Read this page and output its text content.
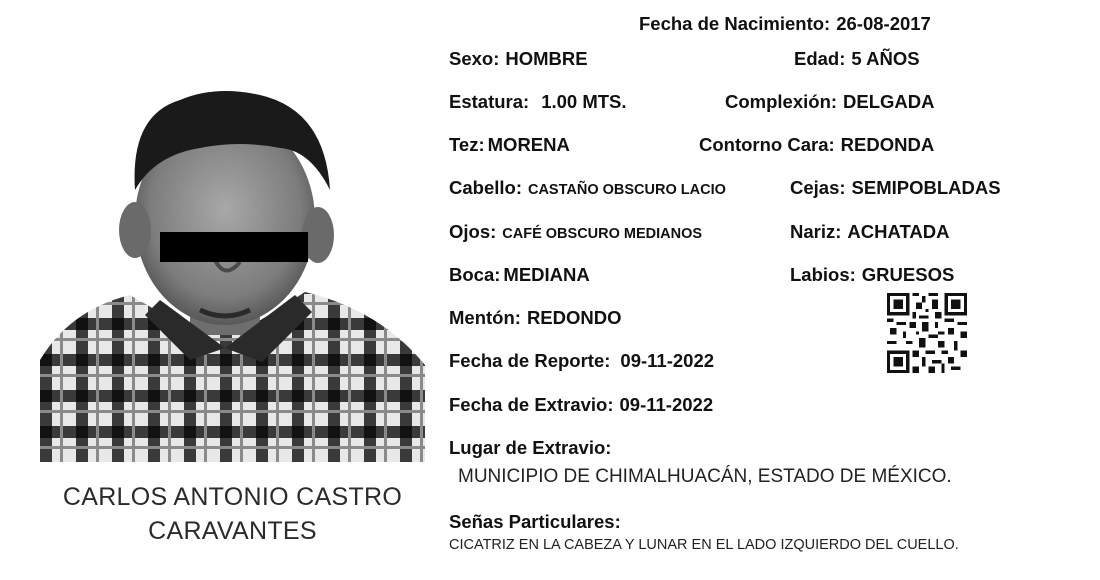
CARLOS ANTONIO CASTRO
CARAVANTES
Fecha de Nacimiento: 26-08-2017
Sexo: HOMBRE	Edad: 5 AÑOS
Estatura: 1.00 MTS.	Complexión: DELGADA
Tez: MORENA	Contorno Cara: REDONDA
Cabello: CASTAÑO OBSCURO LACIO	Cejas: SEMIPOBLADAS
Ojos: CAFÉ OBSCURO MEDIANOS	Nariz: ACHATADA
Boca: MEDIANA	Labios: GRUESOS
Mentón: REDONDO
Fecha de Reporte: 09-11-2022
Fecha de Extravio: 09-11-2022
Lugar de Extravio:
MUNICIPIO DE CHIMALHUACÁN, ESTADO DE MÉXICO.
Señas Particulares:
CICATRIZ EN LA CABEZA Y LUNAR EN EL LADO IZQUIERDO DEL CUELLO.
